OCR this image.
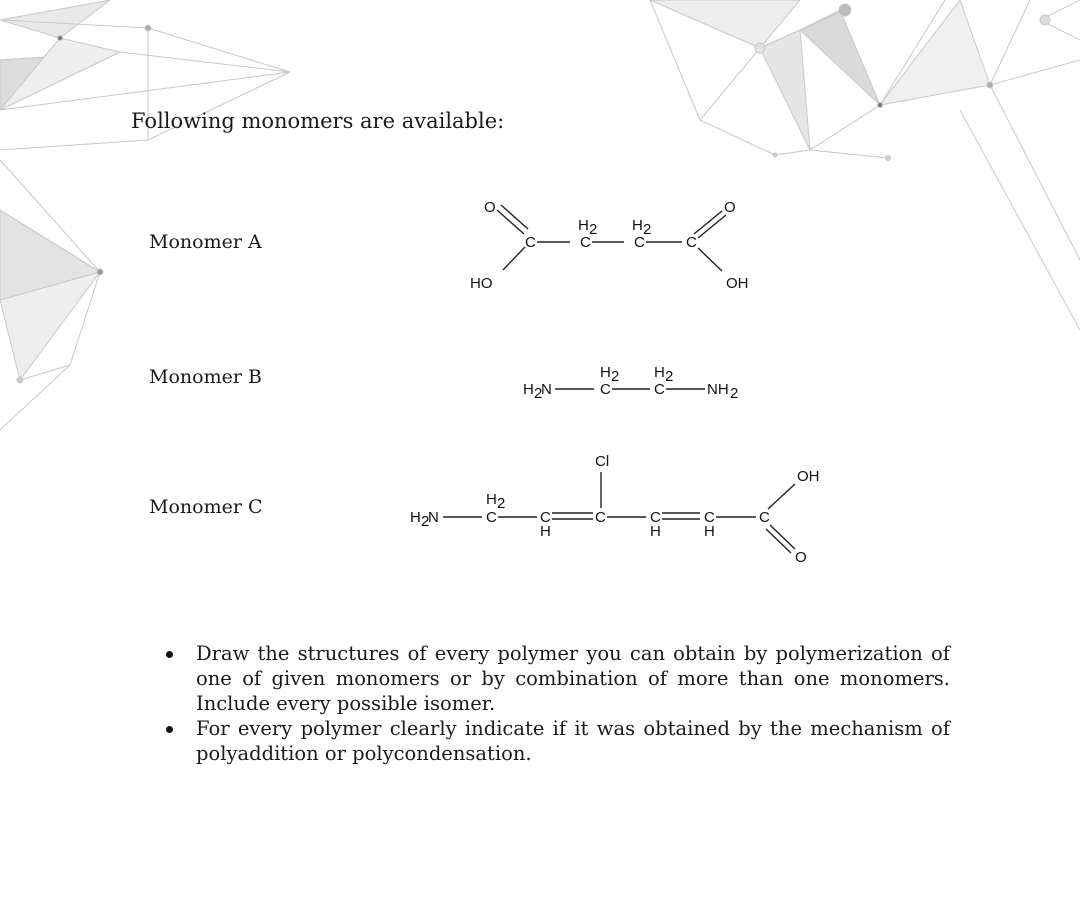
Following monomers are available:
Monomer A
Monomer B
Monomer C
O
C
HO
H 2
C
H 2
C	C
O
OH
H 2
N
H 2
C
H 2
C	NH 2
H 2
N
H 2
C	C
H
C
Cl
C
H
C
H
C
OH
O
Draw the structures of every polymer you can obtain by polymerization of one of given monomers or by combination of more than one monomers. Include every possible isomer.
For every polymer clearly indicate if it was obtained by the mechanism of polyaddition or polycondensation.
